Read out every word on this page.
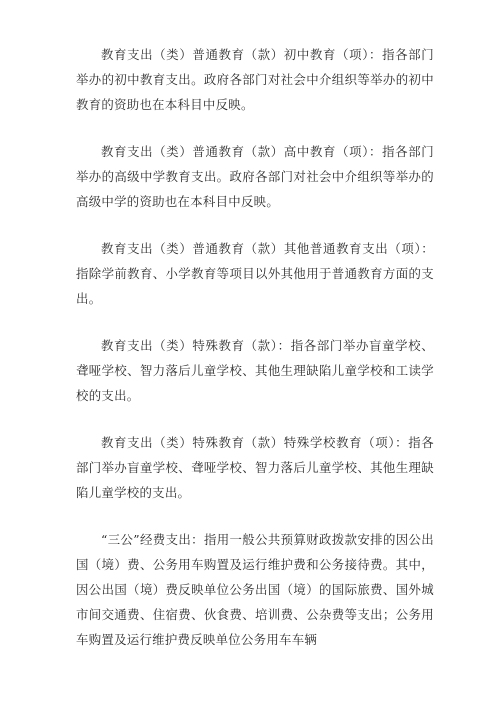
教育支出（类）普通教育（款）初中教育（项）：指各部门举办的初中教育支出。政府各部门对社会中介组织等举办的初中教育的资助也在本科目中反映。

教育支出（类）普通教育（款）高中教育（项）：指各部门举办的高级中学教育支出。政府各部门对社会中介组织等举办的高级中学的资助也在本科目中反映。

教育支出（类）普通教育（款）其他普通教育支出（项）：指除学前教育、小学教育等项目以外其他用于普通教育方面的支出。

教育支出（类）特殊教育（款）：指各部门举办盲童学校、聋哑学校、智力落后儿童学校、其他生理缺陷儿童学校和工读学校的支出。

教育支出（类）特殊教育（款）特殊学校教育（项）：指各部门举办盲童学校、聋哑学校、智力落后儿童学校、其他生理缺陷儿童学校的支出。

“三公”经费支出：指用一般公共预算财政拨款安排的因公出国（境）费、公务用车购置及运行维护费和公务接待费。其中，因公出国（境）费反映单位公务出国（境）的国际旅费、国外城市间交通费、住宿费、伙食费、培训费、公杂费等支出；公务用车购置及运行维护费反映单位公务用车车辆
